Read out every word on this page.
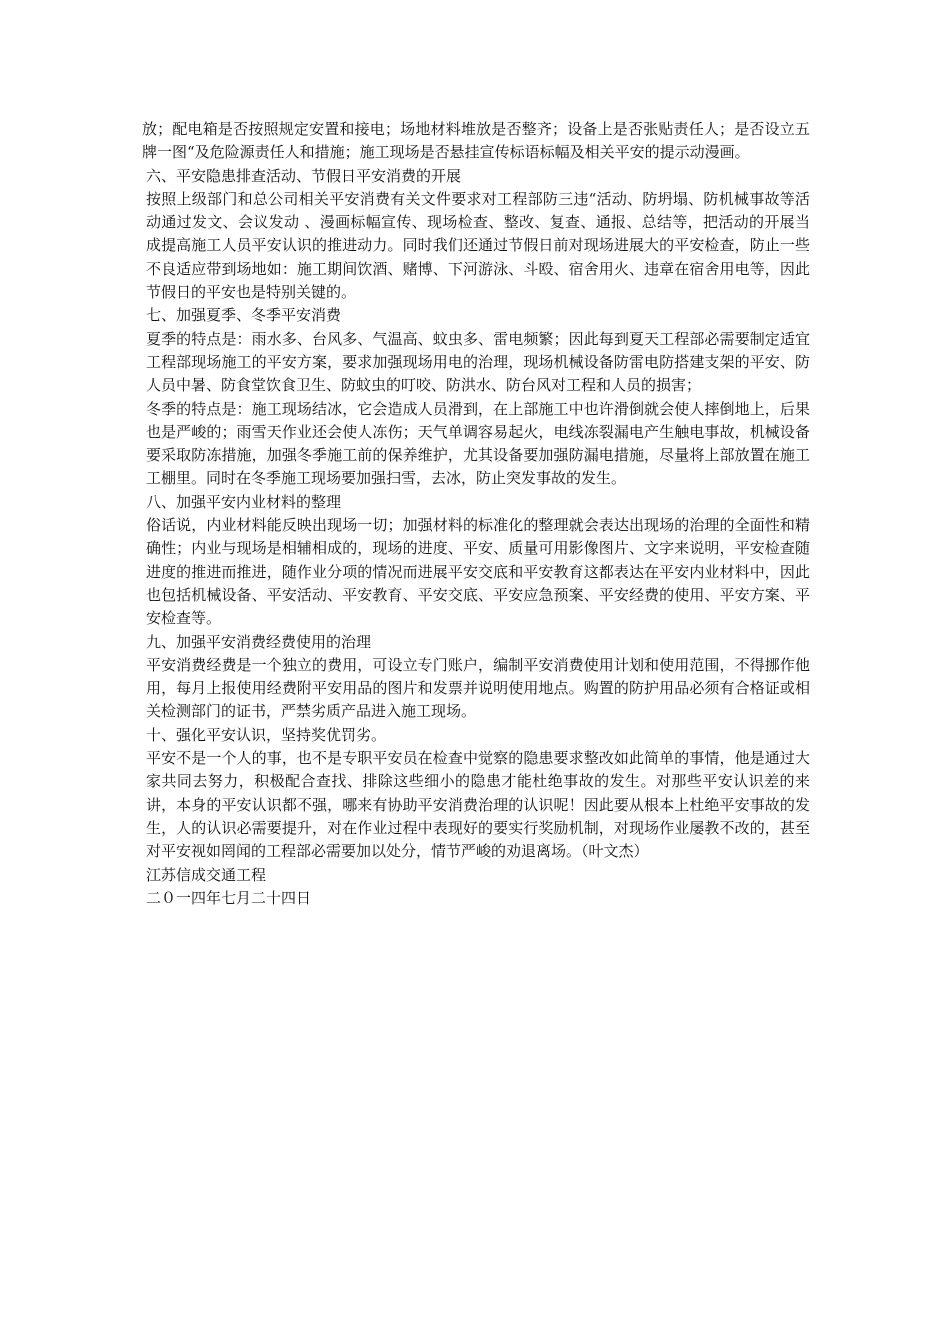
放；配电箱是否按照规定安置和接电；场地材料堆放是否整齐；设备上是否张贴责任人；是否设立五牌一图“及危险源责任人和措施；施工现场是否悬挂宣传标语标幅及相关平安的提示动漫画。

六、平安隐患排查活动、节假日平安消费的开展

按照上级部门和总公司相关平安消费有关文件要求对工程部防三违“活动、防坍塌、防机械事故等活动通过发文、会议发动 、漫画标幅宣传、现场检查、整改、复查、通报、总结等，把活动的开展当成提高施工人员平安认识的推进动力。同时我们还通过节假日前对现场进展大的平安检查，防止一些不良适应带到场地如：施工期间饮酒、赌博、下河游泳、斗殴、宿舍用火、违章在宿舍用电等，因此节假日的平安也是特别关键的。

七、加强夏季、冬季平安消费

夏季的特点是：雨水多、台风多、气温高、蚊虫多、雷电频繁；因此每到夏天工程部必需要制定适宜工程部现场施工的平安方案，要求加强现场用电的治理，现场机械设备防雷电防搭建支架的平安、防人员中暑、防食堂饮食卫生、防蚊虫的叮咬、防洪水、防台风对工程和人员的损害；

冬季的特点是：施工现场结冰，它会造成人员滑到，在上部施工中也许滑倒就会使人摔倒地上，后果也是严峻的；雨雪天作业还会使人冻伤；天气单调容易起火，电线冻裂漏电产生触电事故，机械设备要采取防冻措施，加强冬季施工前的保养维护，尤其设备要加强防漏电措施，尽量将上部放置在施工工棚里。同时在冬季施工现场要加强扫雪，去冰，防止突发事故的发生。

八、加强平安内业材料的整理

俗话说，内业材料能反映出现场一切；加强材料的标准化的整理就会表达出现场的治理的全面性和精确性；内业与现场是相辅相成的，现场的进度、平安、质量可用影像图片、文字来说明，平安检查随进度的推进而推进，随作业分项的情况而进展平安交底和平安教育这都表达在平安内业材料中，因此也包括机械设备、平安活动、平安教育、平安交底、平安应急预案、平安经费的使用、平安方案、平安检查等。

九、加强平安消费经费使用的治理

平安消费经费是一个独立的费用，可设立专门账户，编制平安消费使用计划和使用范围，不得挪作他用，每月上报使用经费附平安用品的图片和发票并说明使用地点。购置的防护用品必须有合格证或相关检测部门的证书，严禁劣质产品进入施工现场。

十、强化平安认识，坚持奖优罚劣。

平安不是一个人的事，也不是专职平安员在检查中觉察的隐患要求整改如此简单的事情，他是通过大家共同去努力，积极配合查找、排除这些细小的隐患才能杜绝事故的发生。对那些平安认识差的来讲，本身的平安认识都不强，哪来有协助平安消费治理的认识呢！因此要从根本上杜绝平安事故的发生，人的认识必需要提升，对在作业过程中表现好的要实行奖励机制，对现场作业屡教不改的，甚至对平安视如罔闻的工程部必需要加以处分，情节严峻的劝退离场。（叶文杰）

江苏信成交通工程

二０一四年七月二十四日
